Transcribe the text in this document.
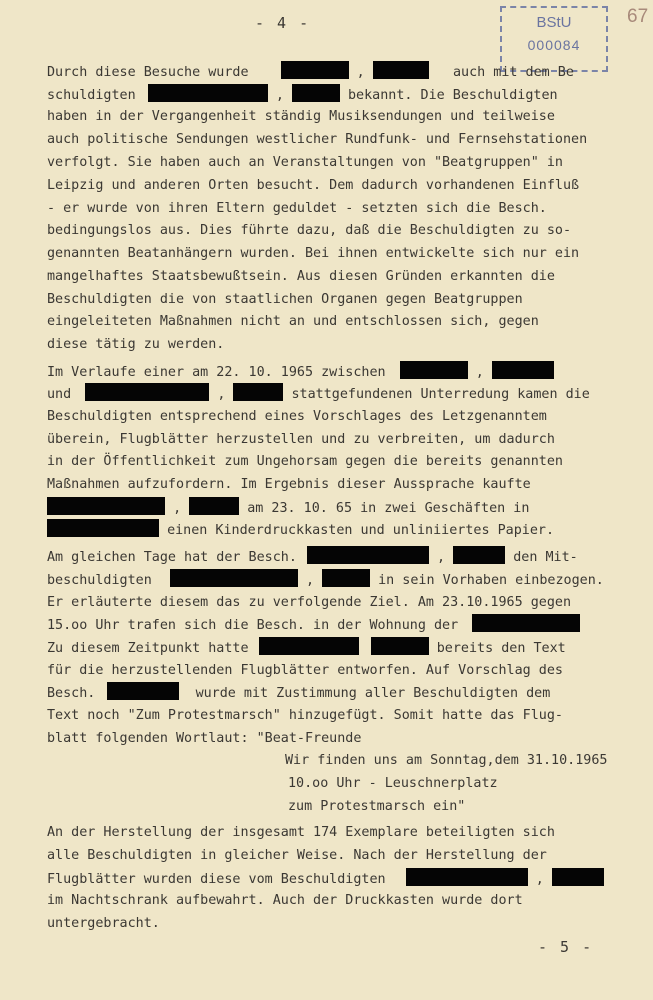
- 4 -	BStU
000084
67
Durch diese Besuche wurde	,	auch mit dem Be
schuldigten	,	bekannt. Die Beschuldigten
haben in der Vergangenheit ständig Musiksendungen und teilweise
auch politische Sendungen westlicher Rundfunk- und Fernsehstationen
verfolgt. Sie haben auch an Veranstaltungen von "Beatgruppen" in
Leipzig und anderen Orten besucht. Dem dadurch vorhandenen Einfluß
- er wurde von ihren Eltern geduldet - setzten sich die Besch.
bedingungslos aus. Dies führte dazu, daß die Beschuldigten zu so-
genannten Beatanhängern wurden. Bei ihnen entwickelte sich nur ein
mangelhaftes Staatsbewußtsein. Aus diesen Gründen erkannten die
Beschuldigten die von staatlichen Organen gegen Beatgruppen
eingeleiteten Maßnahmen nicht an und entschlossen sich, gegen
diese tätig zu werden.
Im Verlaufe einer am 22. 10. 1965 zwischen	,
und	,	stattgefundenen Unterredung kamen die
Beschuldigten entsprechend eines Vorschlages des Letzgenanntem
überein, Flugblätter herzustellen und zu verbreiten, um dadurch
in der Öffentlichkeit zum Ungehorsam gegen die bereits genannten
Maßnahmen aufzufordern. Im Ergebnis dieser Aussprache kaufte
,	am 23. 10. 65 in zwei Geschäften in
einen Kinderdruckkasten und unliniiertes Papier.
Am gleichen Tage hat der Besch.	,	den Mit-
beschuldigten	,	in sein Vorhaben einbezogen.
Er erläuterte diesem das zu verfolgende Ziel. Am 23.10.1965 gegen
15.oo Uhr trafen sich die Besch. in der Wohnung der
Zu diesem Zeitpunkt hatte	bereits den Text
für die herzustellenden Flugblätter entworfen. Auf Vorschlag des
Besch.	wurde mit Zustimmung aller Beschuldigten dem
Text noch "Zum Protestmarsch" hinzugefügt. Somit hatte das Flug-
blatt folgenden Wortlaut: "Beat-Freunde
Wir finden uns am Sonntag,dem 31.10.1965
10.oo Uhr - Leuschnerplatz
zum Protestmarsch ein"
An der Herstellung der insgesamt 174 Exemplare beteiligten sich
alle Beschuldigten in gleicher Weise. Nach der Herstellung der
Flugblätter wurden diese vom Beschuldigten	,
im Nachtschrank aufbewahrt. Auch der Druckkasten wurde dort
untergebracht.
- 5 -
